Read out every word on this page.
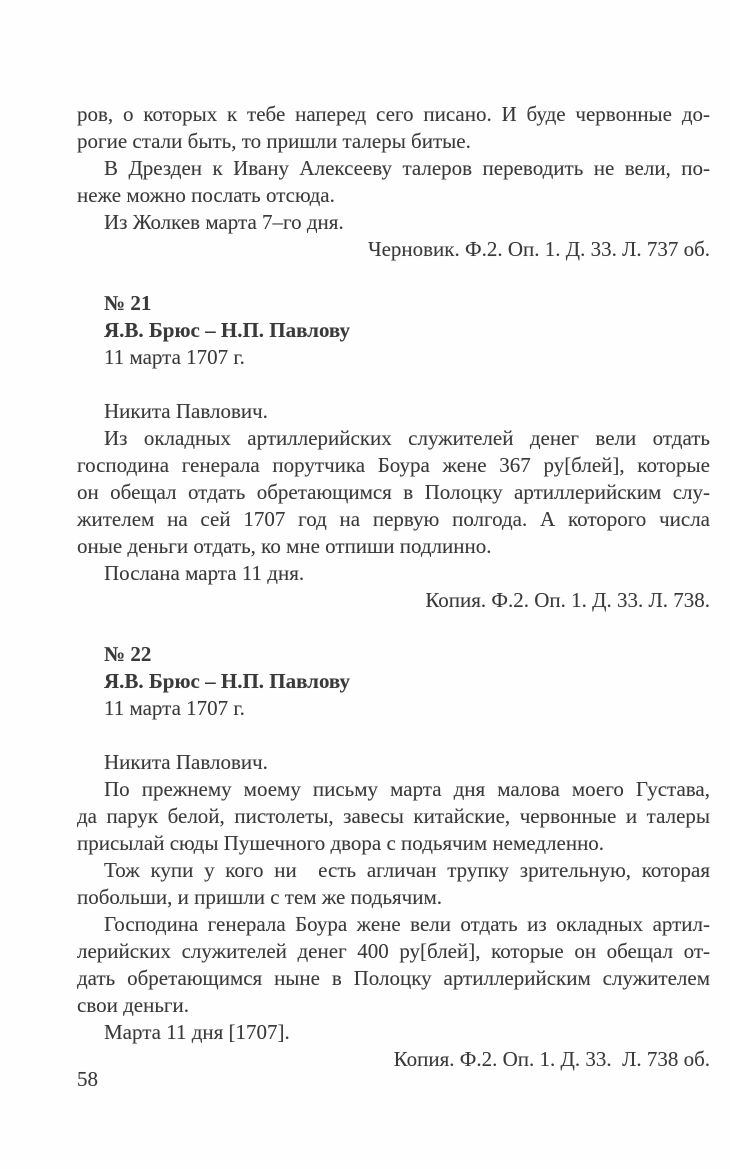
ров, о которых к тебе наперед сего писано. И буде червонные до-
рогие стали быть, то пришли талеры битые.
В Дрезден к Ивану Алексееву талеров переводить не вели, по-
неже можно послать отсюда.
Из Жолкев марта 7–го дня.
Черновик. Ф.2. Оп. 1. Д. 33. Л. 737 об.
№ 21
Я.В. Брюс – Н.П. Павлову
11 марта 1707 г.
Никита Павлович.
Из окладных артиллерийских служителей денег вели отдать
господина генерала порутчика Боура жене 367 ру[блей], которые
он обещал отдать обретающимся в Полоцку артиллерийским слу-
жителем на сей 1707 год на первую полгода. А которого числа
оные деньги отдать, ко мне отпиши подлинно.
Послана марта 11 дня.
Копия. Ф.2. Оп. 1. Д. 33. Л. 738.
№ 22
Я.В. Брюс – Н.П. Павлову
11 марта 1707 г.
Никита Павлович.
По прежнему моему письму марта дня малова моего Густава,
да парук белой, пистолеты, завесы китайские, червонные и талеры
присылай сюды Пушечного двора с подьячим немедленно.
Тож купи у кого ни  есть агличан трупку зрительную, которая
побольши, и пришли с тем же подьячим.
Господина генерала Боура жене вели отдать из окладных артил-
лерийских служителей денег 400 ру[блей], которые он обещал от-
дать обретающимся ныне в Полоцку артиллерийским служителем
свои деньги.
Марта 11 дня [1707].
Копия. Ф.2. Оп. 1. Д. 33.  Л. 738 об.
58
